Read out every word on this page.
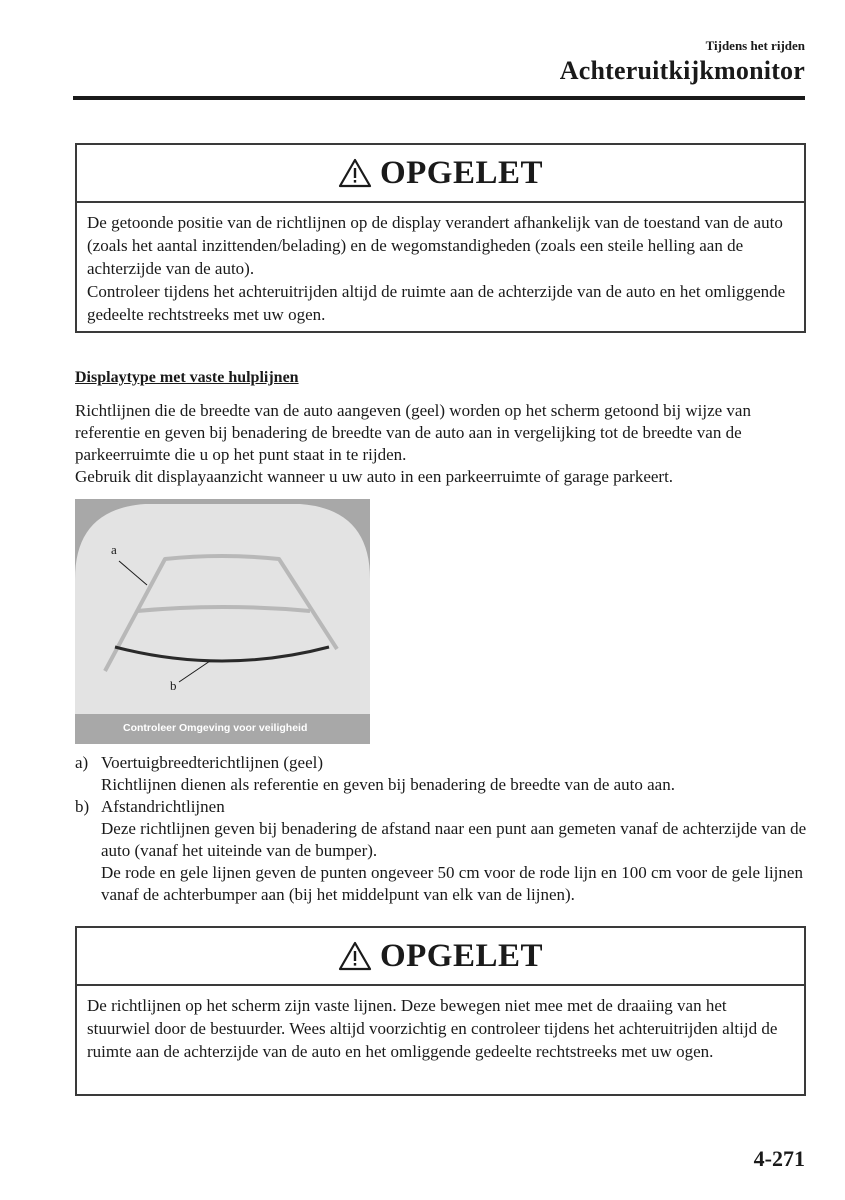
Tijdens het rijden
Achteruitkijkmonitor
OPGELET

De getoonde positie van de richtlijnen op de display verandert afhankelijk van de toestand van de auto (zoals het aantal inzittenden/belading) en de wegomstandigheden (zoals een steile helling aan de achterzijde van de auto).

Controleer tijdens het achteruitrijden altijd de ruimte aan de achterzijde van de auto en het omliggende gedeelte rechtstreeks met uw ogen.

Displaytype met vaste hulplijnen

Richtlijnen die de breedte van de auto aangeven (geel) worden op het scherm getoond bij wijze van referentie en geven bij benadering de breedte van de auto aan in vergelijking tot de breedte van de parkeerruimte die u op het punt staat in te rijden.

Gebruik dit displayaanzicht wanneer u uw auto in een parkeerruimte of garage parkeert.

a
b
Controleer Omgeving voor veiligheid
a) Voertuigbreedterichtlijnen (geel)
Richtlijnen dienen als referentie en geven bij benadering de breedte van de auto aan.
b) Afstandrichtlijnen
Deze richtlijnen geven bij benadering de afstand naar een punt aan gemeten vanaf de achterzijde van de auto (vanaf het uiteinde van de bumper).
De rode en gele lijnen geven de punten ongeveer 50 cm voor de rode lijn en 100 cm voor de gele lijnen vanaf de achterbumper aan (bij het middelpunt van elk van de lijnen).
OPGELET

De richtlijnen op het scherm zijn vaste lijnen. Deze bewegen niet mee met de draaiing van het stuurwiel door de bestuurder. Wees altijd voorzichtig en controleer tijdens het achteruitrijden altijd de ruimte aan de achterzijde van de auto en het omliggende gedeelte rechtstreeks met uw ogen.

4-271
